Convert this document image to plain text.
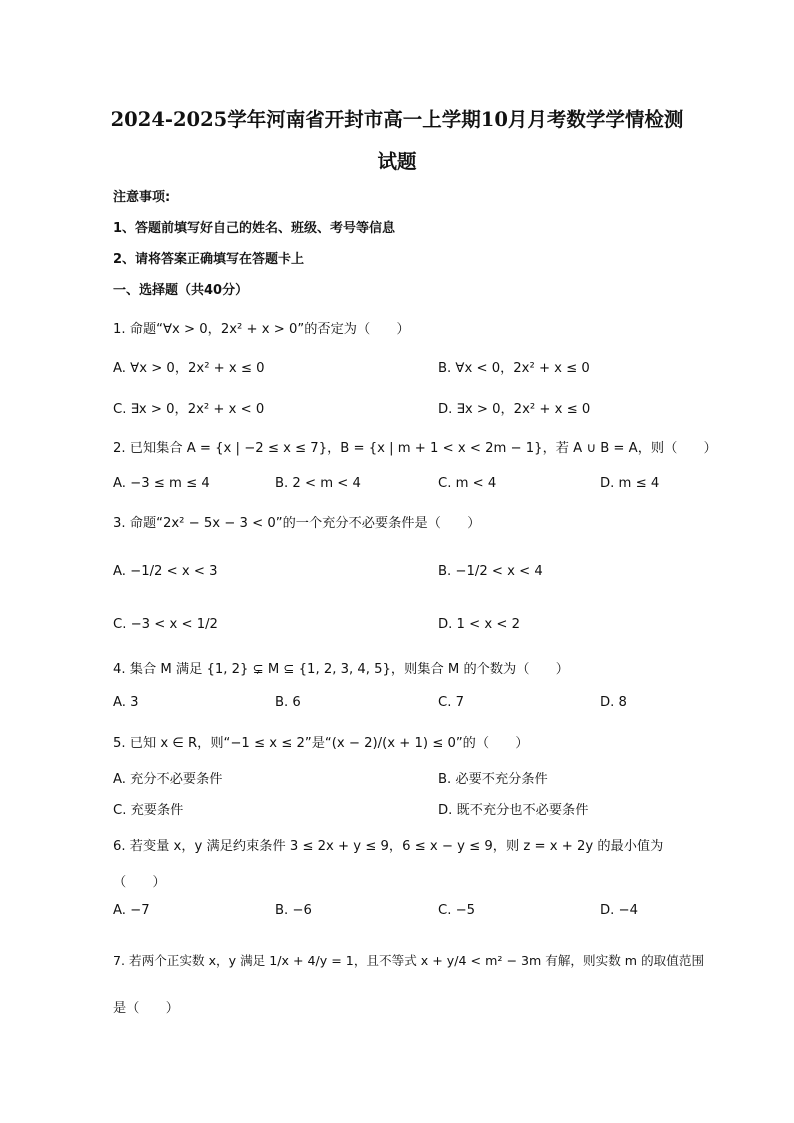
2024-2025学年河南省开封市高一上学期10月月考数学学情检测
试题
注意事项:
1、答题前填写好自己的姓名、班级、考号等信息
2、请将答案正确填写在答题卡上
一、选择题（共40分）
1. 命题“∀x > 0，2x² + x > 0”的否定为（　　）
A. ∀x > 0，2x² + x ≤ 0	B. ∀x < 0，2x² + x ≤ 0
C. ∃x > 0，2x² + x < 0	D. ∃x > 0，2x² + x ≤ 0
2. 已知集合 A = {x | −2 ≤ x ≤ 7}，B = {x | m + 1 < x < 2m − 1}，若 A ∪ B = A，则（　　）
A. −3 ≤ m ≤ 4	B. 2 < m < 4	C. m < 4	D. m ≤ 4
3. 命题“2x² − 5x − 3 < 0”的一个充分不必要条件是（　　）
A. −1/2 < x < 3	B. −1/2 < x < 4
C. −3 < x < 1/2	D. 1 < x < 2
4. 集合 M 满足 {1, 2} ⊊ M ⊆ {1, 2, 3, 4, 5}，则集合 M 的个数为（　　）
A. 3	B. 6	C. 7	D. 8
5. 已知 x ∈ R，则“−1 ≤ x ≤ 2”是“(x − 2)/(x + 1) ≤ 0”的（　　）
A. 充分不必要条件	B. 必要不充分条件
C. 充要条件	D. 既不充分也不必要条件
6. 若变量 x，y 满足约束条件 3 ≤ 2x + y ≤ 9，6 ≤ x − y ≤ 9，则 z = x + 2y 的最小值为
（　　）
A. −7	B. −6	C. −5	D. −4
7. 若两个正实数 x，y 满足 1/x + 4/y = 1，且不等式 x + y/4 < m² − 3m 有解，则实数 m 的取值范围
是（　　）
